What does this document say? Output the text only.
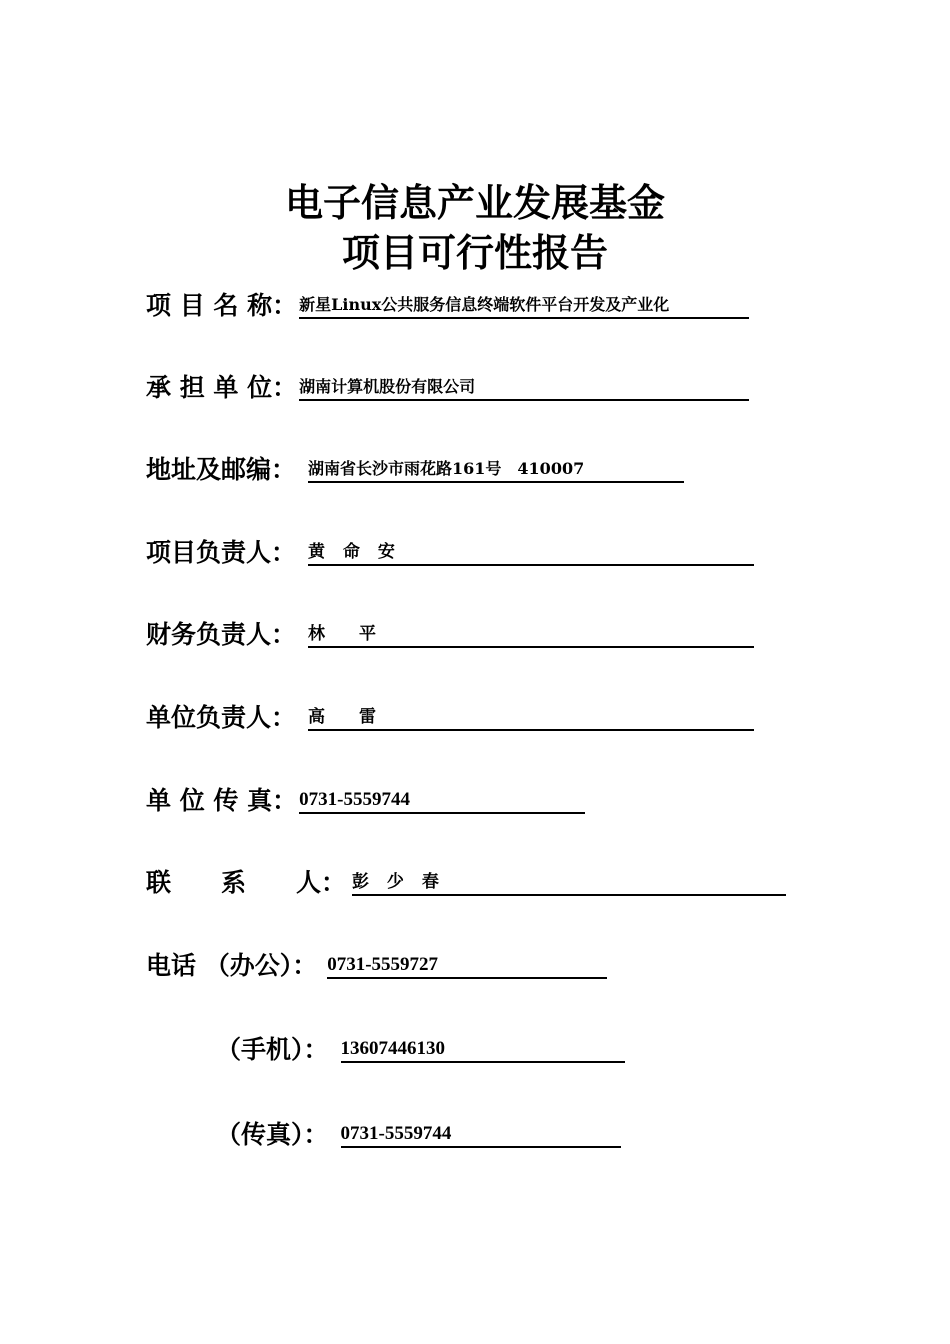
电子信息产业发展基金
项目可行性报告
项 目 名 称： 新星Linux公共服务信息终端软件平台开发及产业化
承 担 单 位： 湖南计算机股份有限公司
地址及邮编： 湖南省长沙市雨花路161号　410007
项目负责人： 黄 命 安
财务负责人： 林　　平
单位负责人： 高　　雷
单 位 传 真： 0731-5559744
联　　系　　人： 彭 少 春
电话 （办公）： 0731-5559727
（手机）： 13607446130
（传真）： 0731-5559744
